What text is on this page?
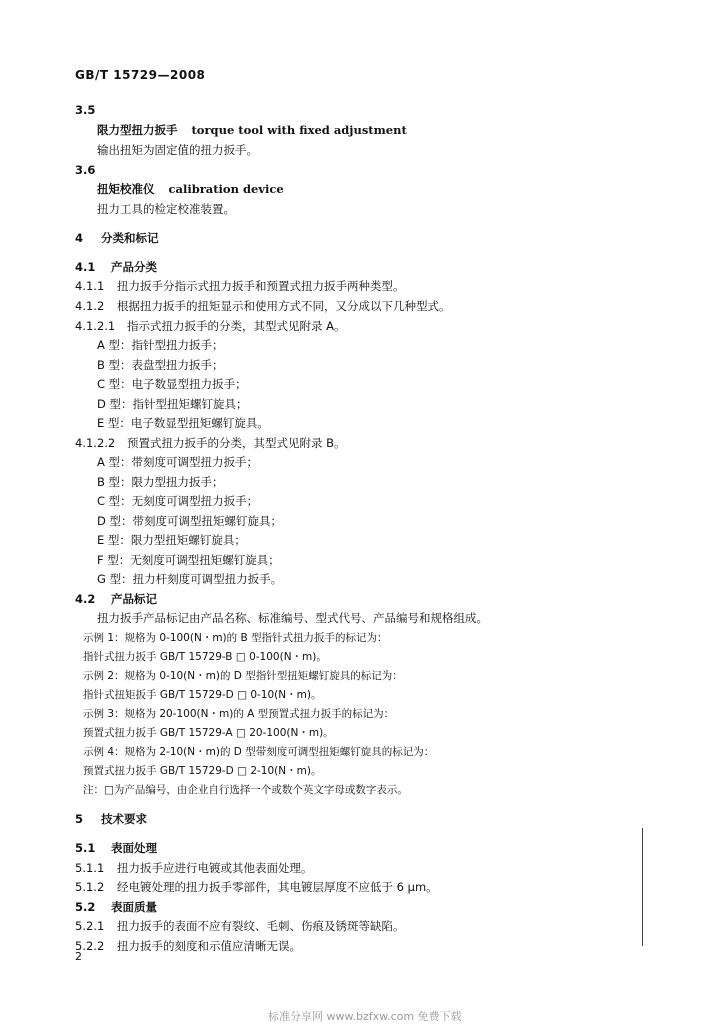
GB/T 15729—2008
3.5
限力型扭力扳手 torque tool with fixed adjustment
输出扭矩为固定值的扭力扳手。
3.6
扭矩校准仪 calibration device
扭力工具的检定校准装置。
4 分类和标记
4.1 产品分类
4.1.1 扭力扳手分指示式扭力扳手和预置式扭力扳手两种类型。
4.1.2 根据扭力扳手的扭矩显示和使用方式不同，又分成以下几种型式。
4.1.2.1 指示式扭力扳手的分类，其型式见附录 A。
A 型：指针型扭力扳手；
B 型：表盘型扭力扳手；
C 型：电子数显型扭力扳手；
D 型：指针型扭矩螺钉旋具；
E 型：电子数显型扭矩螺钉旋具。
4.1.2.2 预置式扭力扳手的分类，其型式见附录 B。
A 型：带刻度可调型扭力扳手；
B 型：限力型扭力扳手；
C 型：无刻度可调型扭力扳手；
D 型：带刻度可调型扭矩螺钉旋具；
E 型：限力型扭矩螺钉旋具；
F 型：无刻度可调型扭矩螺钉旋具；
G 型：扭力杆刻度可调型扭力扳手。
4.2 产品标记
扭力扳手产品标记由产品名称、标准编号、型式代号、产品编号和规格组成。
示例 1：规格为 0-100(N・m)的 B 型指针式扭力扳手的标记为：
指针式扭力扳手 GB/T 15729-B □ 0-100(N・m)。
示例 2：规格为 0-10(N・m)的 D 型指针型扭矩螺钉旋具的标记为：
指针式扭矩扳手 GB/T 15729-D □ 0-10(N・m)。
示例 3：规格为 20-100(N・m)的 A 型预置式扭力扳手的标记为：
预置式扭力扳手 GB/T 15729-A □ 20-100(N・m)。
示例 4：规格为 2-10(N・m)的 D 型带刻度可调型扭矩螺钉旋具的标记为：
预置式扭力扳手 GB/T 15729-D □ 2-10(N・m)。
注：□为产品编号，由企业自行选择一个或数个英文字母或数字表示。
5 技术要求
5.1 表面处理
5.1.1 扭力扳手应进行电镀或其他表面处理。
5.1.2 经电镀处理的扭力扳手零部件，其电镀层厚度不应低于 6 μm。
5.2 表面质量
5.2.1 扭力扳手的表面不应有裂纹、毛刺、伤痕及锈斑等缺陷。
5.2.2 扭力扳手的刻度和示值应清晰无误。
2
标准分享网 www.bzfxw.com 免费下载
